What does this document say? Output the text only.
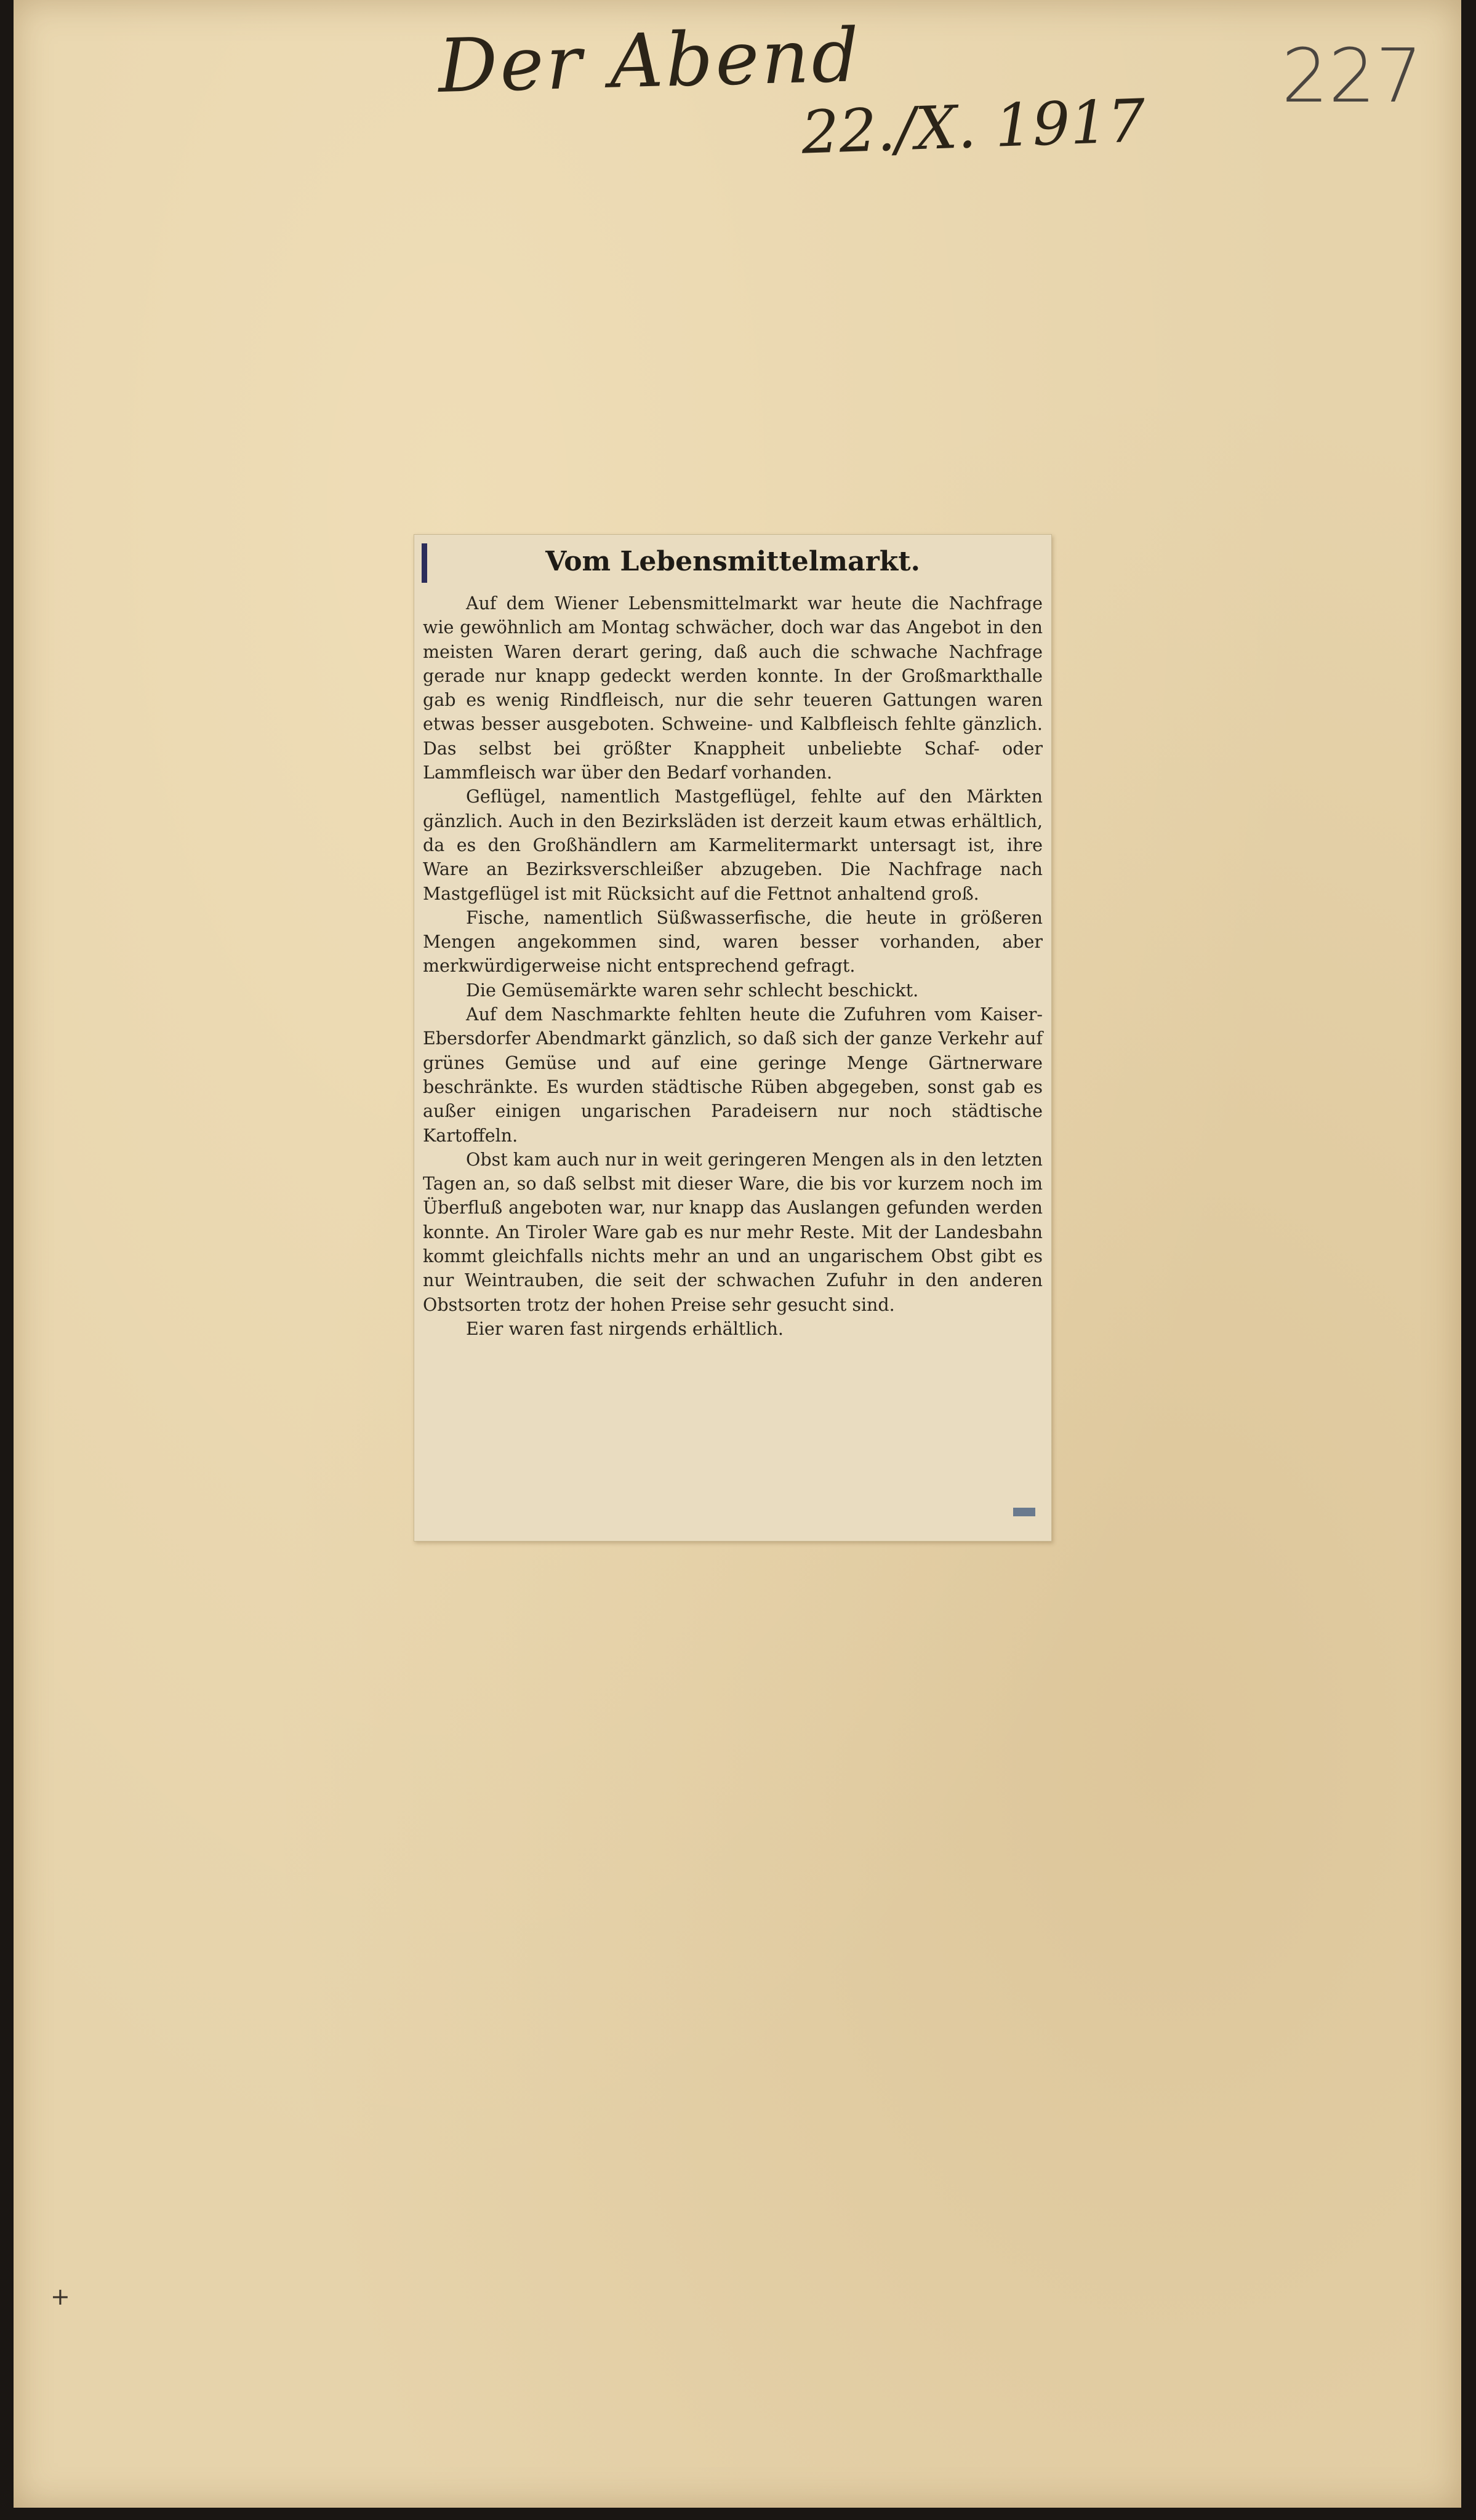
Der Abend
22./X. 1917
227
Vom Lebensmittelmarkt.

Auf dem Wiener Lebensmittelmarkt war heute die Nachfrage wie gewöhnlich am Montag schwächer, doch war das Angebot in den meisten Waren derart gering, daß auch die schwache Nachfrage gerade nur knapp gedeckt werden konnte. In der Großmarkthalle gab es wenig Rindfleisch, nur die sehr teueren Gattungen waren etwas besser ausgeboten. Schweine- und Kalbfleisch fehlte gänzlich. Das selbst bei größter Knappheit unbeliebte Schaf- oder Lammfleisch war über den Bedarf vorhanden.

Geflügel, namentlich Mastgeflügel, fehlte auf den Märkten gänzlich. Auch in den Bezirksläden ist derzeit kaum etwas erhältlich, da es den Großhändlern am Karmelitermarkt untersagt ist, ihre Ware an Bezirksverschleißer abzugeben. Die Nachfrage nach Mastgeflügel ist mit Rücksicht auf die Fettnot anhaltend groß.

Fische, namentlich Süßwasserfische, die heute in größeren Mengen angekommen sind, waren besser vorhanden, aber merkwürdigerweise nicht entsprechend gefragt.

Die Gemüsemärkte waren sehr schlecht beschickt.

Auf dem Naschmarkte fehlten heute die Zufuhren vom Kaiser-Ebersdorfer Abendmarkt gänzlich, so daß sich der ganze Verkehr auf grünes Gemüse und auf eine geringe Menge Gärtnerware beschränkte. Es wurden städtische Rüben abgegeben, sonst gab es außer einigen ungarischen Paradeisern nur noch städtische Kartoffeln.

Obst kam auch nur in weit geringeren Mengen als in den letzten Tagen an, so daß selbst mit dieser Ware, die bis vor kurzem noch im Überfluß angeboten war, nur knapp das Auslangen gefunden werden konnte. An Tiroler Ware gab es nur mehr Reste. Mit der Landesbahn kommt gleichfalls nichts mehr an und an ungarischem Obst gibt es nur Weintrauben, die seit der schwachen Zufuhr in den anderen Obstsorten trotz der hohen Preise sehr gesucht sind.

Eier waren fast nirgends erhältlich.

+
